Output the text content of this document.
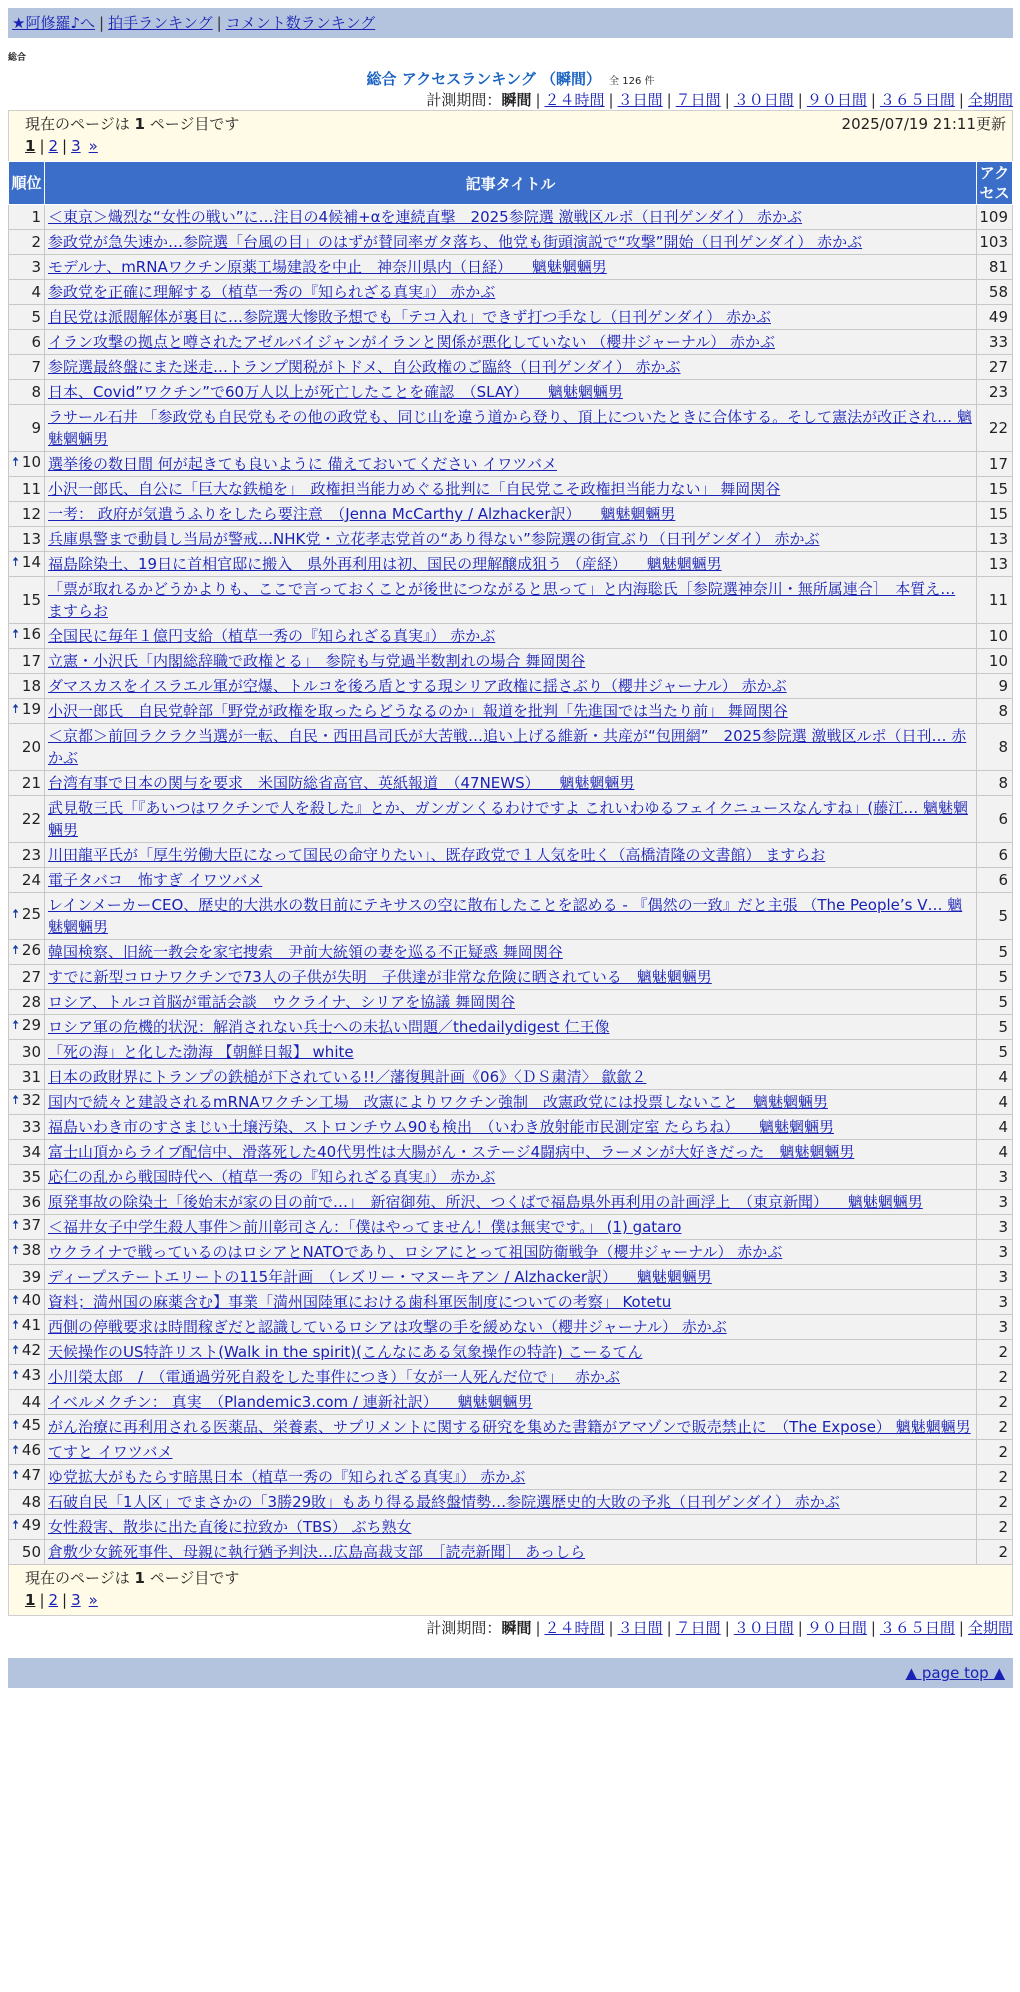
★阿修羅♪へ | 拍手ランキング | コメント数ランキング
総合
総合 アクセスランキング （瞬間） 全 126 件
計測期間：瞬間 | ２４時間 | ３日間 | ７日間 | ３０日間 | ９０日間 | ３６５日間 | 全期間
現在のページは 1 ページ目です	2025/07/19 21:11更新
1 | 2 | 3 »
順位	記事タイトル	アクセス
1	＜東京＞熾烈な“女性の戦い”に…注目の4候補+αを連続直撃　2025参院選 激戦区ルポ（日刊ゲンダイ） 赤かぶ	109
2	参政党が急失速か…参院選「台風の目」のはずが賛同率ガタ落ち、他党も街頭演説で“攻撃”開始（日刊ゲンダイ） 赤かぶ	103
3	モデルナ、mRNAワクチン原薬工場建設を中止　神奈川県内（日経） 　魑魅魍魎男	81
4	参政党を正確に理解する（植草一秀の『知られざる真実』） 赤かぶ	58
5	自民党は派閥解体が裏目に…参院選大惨敗予想でも「テコ入れ」できず打つ手なし（日刊ゲンダイ） 赤かぶ	49
6	イラン攻撃の拠点と噂されたアゼルバイジャンがイランと関係が悪化していない （櫻井ジャーナル） 赤かぶ	33
7	参院選最終盤にまた迷走…トランプ関税がトドメ、自公政権のご臨終（日刊ゲンダイ） 赤かぶ	27
8	日本、Covid”ワクチン”で60万人以上が死亡したことを確認　（SLAY） 　魑魅魍魎男	23
9	ラサール石井 「参政党も自民党もその他の政党も、同じ山を違う道から登り、頂上についたときに合体する。そして憲法が改正され… 魑魅魍魎男	22

🠅 10	選挙後の数日間 何が起きても良いように 備えておいてください イワツバメ	17
11	小沢一郎氏、自公に「巨大な鉄槌を」　政権担当能力めぐる批判に「自民党こそ政権担当能力ない」 舞岡関谷	15
12	一考： 政府が気遣うふりをしたら要注意　（Jenna McCarthy / Alzhacker訳） 　魑魅魍魎男	15
13	兵庫県警まで動員し当局が警戒…NHK党・立花孝志党首の“あり得ない”参院選の街宣ぶり（日刊ゲンダイ） 赤かぶ	13

🠅 14	福島除染土、19日に首相官邸に搬入　県外再利用は初、国民の理解醸成狙う （産経） 　魑魅魍魎男	13
15	「票が取れるかどうかよりも、ここで言っておくことが後世につながると思って」と内海聡氏［参院選神奈川・無所属連合］　本質え… ますらお	11

🠅 16	全国民に毎年１億円支給（植草一秀の『知られざる真実』） 赤かぶ	10
17	立憲・小沢氏「内閣総辞職で政権とる」　参院も与党過半数割れの場合 舞岡関谷	10
18	ダマスカスをイスラエル軍が空爆、トルコを後ろ盾とする現シリア政権に揺さぶり（櫻井ジャーナル） 赤かぶ	9

🠅 19	小沢一郎氏　自民党幹部「野党が政権を取ったらどうなるのか」報道を批判「先進国では当たり前」 舞岡関谷	8
20	＜京都＞前回ラクラク当選が一転、自民・西田昌司氏が大苦戦…追い上げる維新・共産が“包囲網”　2025参院選 激戦区ルポ（日刊… 赤かぶ	8
21	台湾有事で日本の関与を要求　米国防総省高官、英紙報道　（47NEWS） 　魑魅魍魎男	8
22	武見敬三氏「『あいつはワクチンで人を殺した』とか、ガンガンくるわけですよ これいわゆるフェイクニュースなんすね」(藤江… 魑魅魍魎男	6
23	川田龍平氏が「厚生労働大臣になって国民の命守りたい」、既存政党で１人気を吐く（高橋清隆の文書館） ますらお	6
24	電子タバコ　怖すぎ イワツバメ	6

🠅 25	レインメーカーCEO、歴史的大洪水の数日前にテキサスの空に散布したことを認める - 『偶然の一致』だと主張 （The People’s V… 魑魅魍魎男	5

🠅 26	韓国検察、旧統一教会を家宅捜索　尹前大統領の妻を巡る不正疑惑 舞岡関谷	5
27	すでに新型コロナワクチンで73人の子供が失明　子供達が非常な危険に晒されている　魑魅魍魎男	5
28	ロシア、トルコ首脳が電話会談　ウクライナ、シリアを協議 舞岡関谷	5

🠅 29	ロシア軍の危機的状況：解消されない兵士への未払い問題／thedailydigest 仁王像	5
30	「死の海」と化した渤海 【朝鮮日報】 white	5
31	日本の政財界にトランプの鉄槌が下されている!!／藩復興計画《06》〈ＤＳ粛清〉 歙歙２	4

🠅 32	国内で続々と建設されるmRNAワクチン工場　改憲によりワクチン強制　改憲政党には投票しないこと　魑魅魍魎男	4
33	福島いわき市のすさまじい土壌汚染、ストロンチウム90も検出　（いわき放射能市民測定室 たらちね） 　魑魅魍魎男	4
34	富士山頂からライブ配信中、滑落死した40代男性は大腸がん・ステージ4闘病中、ラーメンが大好きだった　魑魅魍魎男	4
35	応仁の乱から戦国時代へ（植草一秀の『知られざる真実』） 赤かぶ	3
36	原発事故の除染土「後始末が家の目の前で…」　新宿御苑、所沢、つくばで福島県外再利用の計画浮上　（東京新聞） 　魑魅魍魎男	3

🠅 37	＜福井女子中学生殺人事件＞前川彰司さん：「僕はやってません！僕は無実です。」 (1) gataro	3

🠅 38	ウクライナで戦っているのはロシアとNATOであり、ロシアにとって祖国防衛戦争（櫻井ジャーナル） 赤かぶ	3
39	ディープステートエリートの115年計画　（レズリー・マヌーキアン / Alzhacker訳） 　魑魅魍魎男	3

🠅 40	資料；満州国の麻薬含む】事業「満州国陸軍における歯科軍医制度についての考察」 Kotetu	3

🠅 41	西側の停戦要求は時間稼ぎだと認識しているロシアは攻撃の手を緩めない（櫻井ジャーナル） 赤かぶ	3

🠅 42	天候操作のUS特許リスト(Walk in the spirit)(こんなにある気象操作の特許) こーるてん	2

🠅 43	小川榮太郎　/　（電通過労死自殺をした事件につき）「女が一人死んだ位で」　 赤かぶ	2
44	イベルメクチン： 真実　（Plandemic3.com / 連新社訳） 　魑魅魍魎男	2

🠅 45	がん治療に再利用される医薬品、栄養素、サプリメントに関する研究を集めた書籍がアマゾンで販売禁止に　（The Expose） 魑魅魍魎男	2

🠅 46	てすと イワツバメ	2

🠅 47	ゆ党拡大がもたらす暗黒日本（植草一秀の『知られざる真実』） 赤かぶ	2
48	石破自民「1人区」でまさかの「3勝29敗」もあり得る最終盤情勢…参院選歴史的大敗の予兆（日刊ゲンダイ） 赤かぶ	2

🠅 49	女性殺害、散歩に出た直後に拉致か（TBS） ぶち熟女	2
50	倉敷少女銃死事件、母親に執行猶予判決…広島高裁支部　［読売新聞］ あっしら	2
現在のページは 1 ページ目です
1 | 2 | 3 »
計測期間：瞬間 | ２４時間 | ３日間 | ７日間 | ３０日間 | ９０日間 | ３６５日間 | 全期間
▲ page top ▲
